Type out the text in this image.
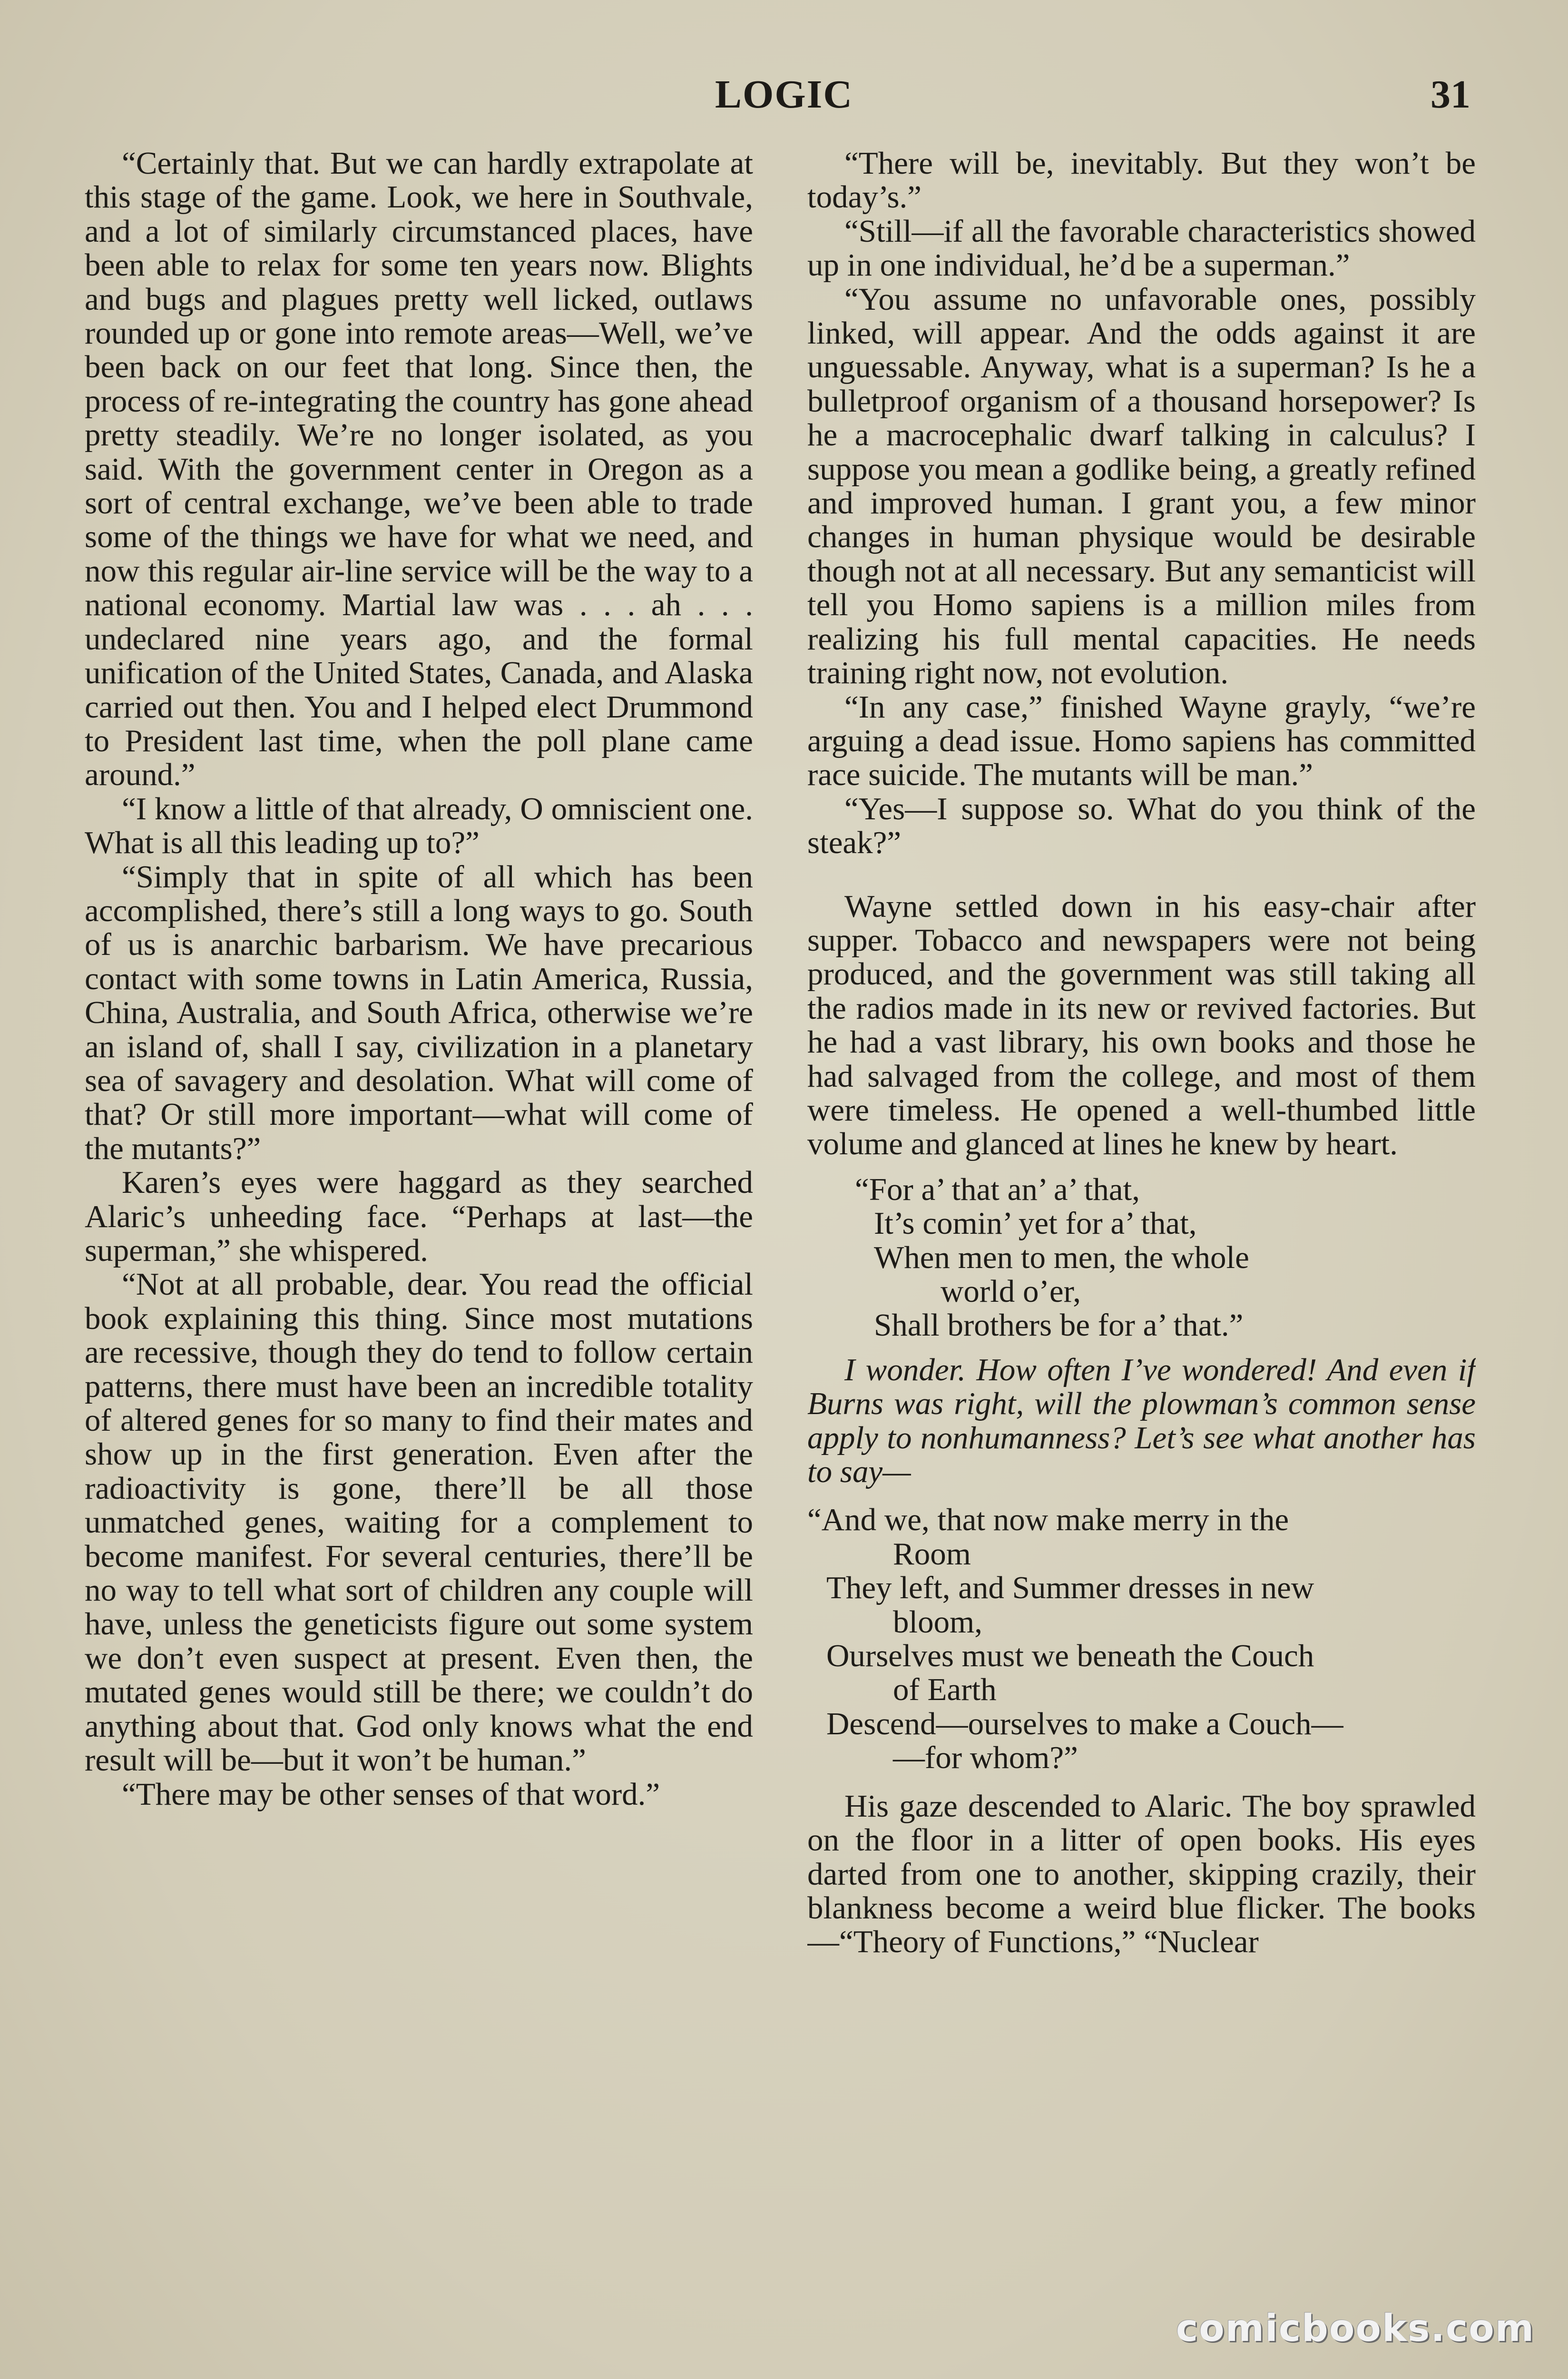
LOGIC	31

“Certainly that. But we can hardly extrapolate at this stage of the game. Look, we here in Southvale, and a lot of similarly circumstanced places, have been able to relax for some ten years now. Blights and bugs and plagues pretty well licked, outlaws rounded up or gone into remote areas—Well, we’ve been back on our feet that long. Since then, the process of re-integrating the country has gone ahead pretty steadily. We’re no longer isolated, as you said. With the government center in Oregon as a sort of central exchange, we’ve been able to trade some of the things we have for what we need, and now this regular air-line service will be the way to a national economy. Martial law was . . . ah . . . undeclared nine years ago, and the formal unification of the United States, Canada, and Alaska carried out then. You and I helped elect Drummond to President last time, when the poll plane came around.”

“I know a little of that already, O omniscient one. What is all this leading up to?”

“Simply that in spite of all which has been accomplished, there’s still a long ways to go. South of us is anarchic barbarism. We have precarious contact with some towns in Latin America, Russia, China, Australia, and South Africa, otherwise we’re an island of, shall I say, civilization in a planetary sea of savagery and desolation. What will come of that? Or still more important—what will come of the mutants?”

Karen’s eyes were haggard as they searched Alaric’s unheeding face. “Perhaps at last—the superman,” she whispered.

“Not at all probable, dear. You read the official book explaining this thing. Since most mutations are recessive, though they do tend to follow certain patterns, there must have been an incredible totality of altered genes for so many to find their mates and show up in the first generation. Even after the radioactivity is gone, there’ll be all those unmatched genes, waiting for a complement to become manifest. For several centuries, there’ll be no way to tell what sort of children any couple will have, unless the geneticists figure out some system we don’t even suspect at present. Even then, the mutated genes would still be there; we couldn’t do anything about that. God only knows what the end result will be—but it won’t be human.”

“There may be other senses of that word.”

“There will be, inevitably. But they won’t be today’s.”

“Still—if all the favorable characteristics showed up in one individual, he’d be a superman.”

“You assume no unfavorable ones, possibly linked, will appear. And the odds against it are unguessable. Anyway, what is a superman? Is he a bulletproof organism of a thousand horsepower? Is he a macrocephalic dwarf talking in calculus? I suppose you mean a godlike being, a greatly refined and improved human. I grant you, a few minor changes in human physique would be desirable though not at all necessary. But any semanticist will tell you Homo sapiens is a million miles from realizing his full mental capacities. He needs training right now, not evolution.

“In any case,” finished Wayne grayly, “we’re arguing a dead issue. Homo sapiens has committed race suicide. The mutants will be man.”

“Yes—I suppose so. What do you think of the steak?”

Wayne settled down in his easy-chair after supper. Tobacco and newspapers were not being produced, and the government was still taking all the radios made in its new or revived factories. But he had a vast library, his own books and those he had salvaged from the college, and most of them were timeless. He opened a well-thumbed little volume and glanced at lines he knew by heart.

“For a’ that an’ a’ that,
It’s comin’ yet for a’ that,
When men to men, the whole
world o’er,
Shall brothers be for a’ that.”

I wonder. How often I’ve wondered! And even if Burns was right, will the plowman’s common sense apply to nonhumanness? Let’s see what another has to say—

“And we, that now make merry in the
Room
They left, and Summer dresses in new
bloom,
Ourselves must we beneath the Couch
of Earth
Descend—ourselves to make a Couch—
—for whom?”

His gaze descended to Alaric. The boy sprawled on the floor in a litter of open books. His eyes darted from one to another, skipping crazily, their blankness become a weird blue flicker. The books —“Theory of Functions,” “Nuclear

comicbooks.com
